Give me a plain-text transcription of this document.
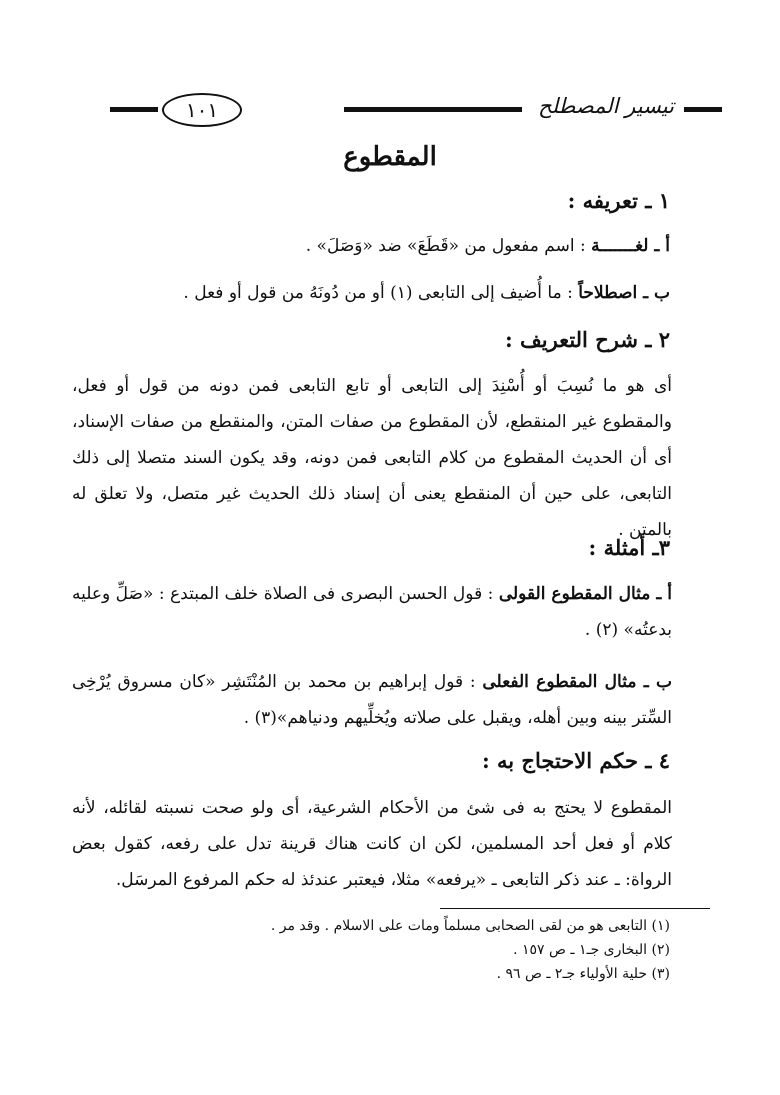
تيسير المصطلح
١٠١
المقطوع
١ ـ تعريفه :
أ ـ لغـــــــة : اسم مفعول من «قَطَعَ» ضد «وَصَلَ» .
ب ـ اصطلاحاً : ما أُضيف إلى التابعى (١) أو من دُونَهُ من قول أو فعل .
٢ ـ شرح التعريف :
أى هو ما نُسِبَ أو أُسْنِدَ إلى التابعى أو تابع التابعى فمن دونه من قول أو فعل، والمقطوع غير المنقطع، لأن المقطوع من صفات المتن، والمنقطع من صفات الإسناد، أى أن الحديث المقطوع من كلام التابعى فمن دونه، وقد يكون السند متصلا إلى ذلك التابعى، على حين أن المنقطع يعنى أن إسناد ذلك الحديث غير متصل، ولا تعلق له بالمتن .
٣ـ أمثلة :
أ ـ مثال المقطوع القولى : قول الحسن البصرى فى الصلاة خلف المبتدع : «صَلِّ وعليه بدعتُه» (٢) .
ب ـ مثال المقطوع الفعلى : قول إبراهيم بن محمد بن المُنْتَشِر «كان مسروق يُرْخِى السِّتر بينه وبين أهله، ويقبل على صلاته ويُخلِّيهم ودنياهم»(٣) .
٤ ـ حكم الاحتجاج به :
المقطوع لا يحتج به فى شئ من الأحكام الشرعية، أى ولو صحت نسبته لقائله، لأنه كلام أو فعل أحد المسلمين، لكن ان كانت هناك قرينة تدل على رفعه، كقول بعض الرواة: ـ عند ذكر التابعى ـ «يرفعه» مثلا، فيعتبر عندئذ له حكم المرفوع المرسَل.
(١) التابعى هو من لقى الصحابى مسلماً ومات على الاسلام . وقد مر .
(٢) البخارى جـ١ ـ ص ١٥٧ .
(٣) حلية الأولياء جـ٢ ـ ص ٩٦ .
